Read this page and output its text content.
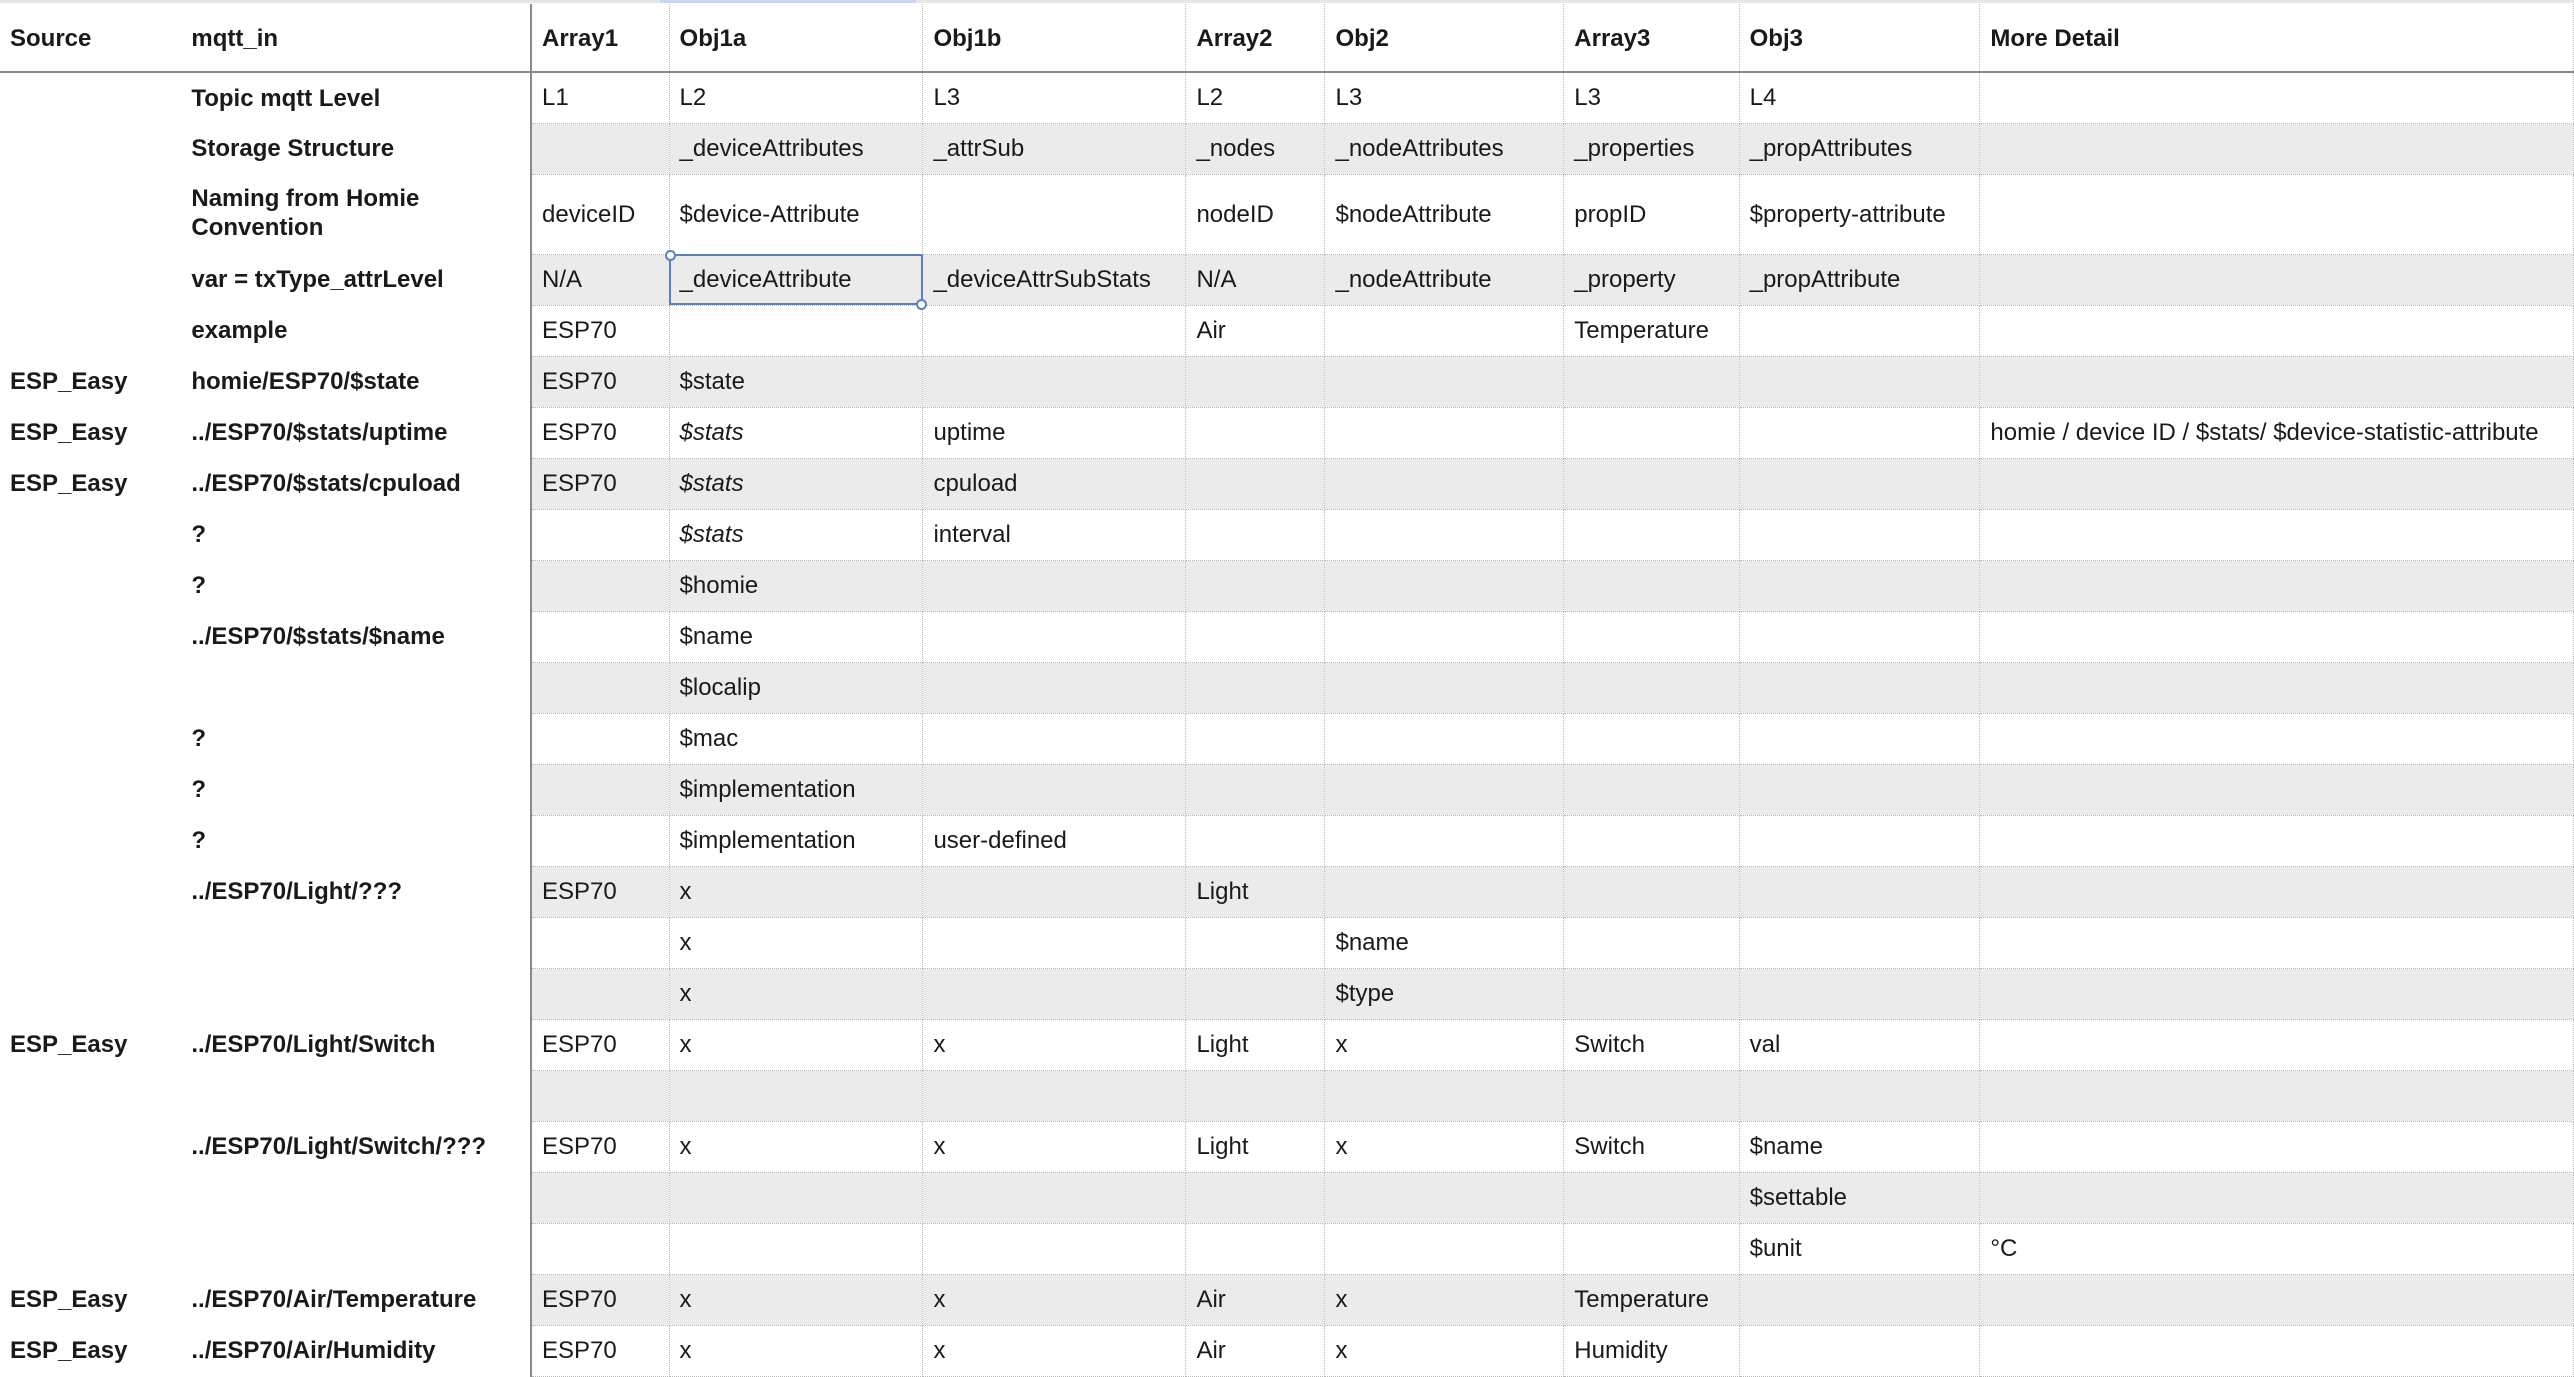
Source	mqtt_in	Array1	Obj1a	Obj1b	Array2	Obj2	Array3	Obj3	More Detail
	Topic mqtt Level	L1	L2	L3	L2	L3	L3	L4	
	Storage Structure		_deviceAttributes	_attrSub	_nodes	_nodeAttributes	_properties	_propAttributes	
	Naming from Homie Convention	deviceID	$device-Attribute		nodeID	$nodeAttribute	propID	$property-attribute	
	var = txType_attrLevel	N/A	_deviceAttribute	_deviceAttrSubStats	N/A	_nodeAttribute	_property	_propAttribute	
	example	ESP70			Air		Temperature		
ESP_Easy	homie/ESP70/$state	ESP70	$state						
ESP_Easy	../ESP70/$stats/uptime	ESP70	$stats	uptime					homie / device ID / $stats/ $device-statistic-attribute
ESP_Easy	../ESP70/$stats/cpuload	ESP70	$stats	cpuload					
	?		$stats	interval					
	?		$homie						
	../ESP70/$stats/$name		$name						
			$localip						
	?		$mac						
	?		$implementation						
	?		$implementation	user-defined					
	../ESP70/Light/???	ESP70	x		Light				
			x			$name			
			x			$type			
ESP_Easy	../ESP70/Light/Switch	ESP70	x	x	Light	x	Switch	val	

	../ESP70/Light/Switch/???	ESP70	x	x	Light	x	Switch	$name	
								$settable	
								$unit	°C
ESP_Easy	../ESP70/Air/Temperature	ESP70	x	x	Air	x	Temperature		
ESP_Easy	../ESP70/Air/Humidity	ESP70	x	x	Air	x	Humidity		
